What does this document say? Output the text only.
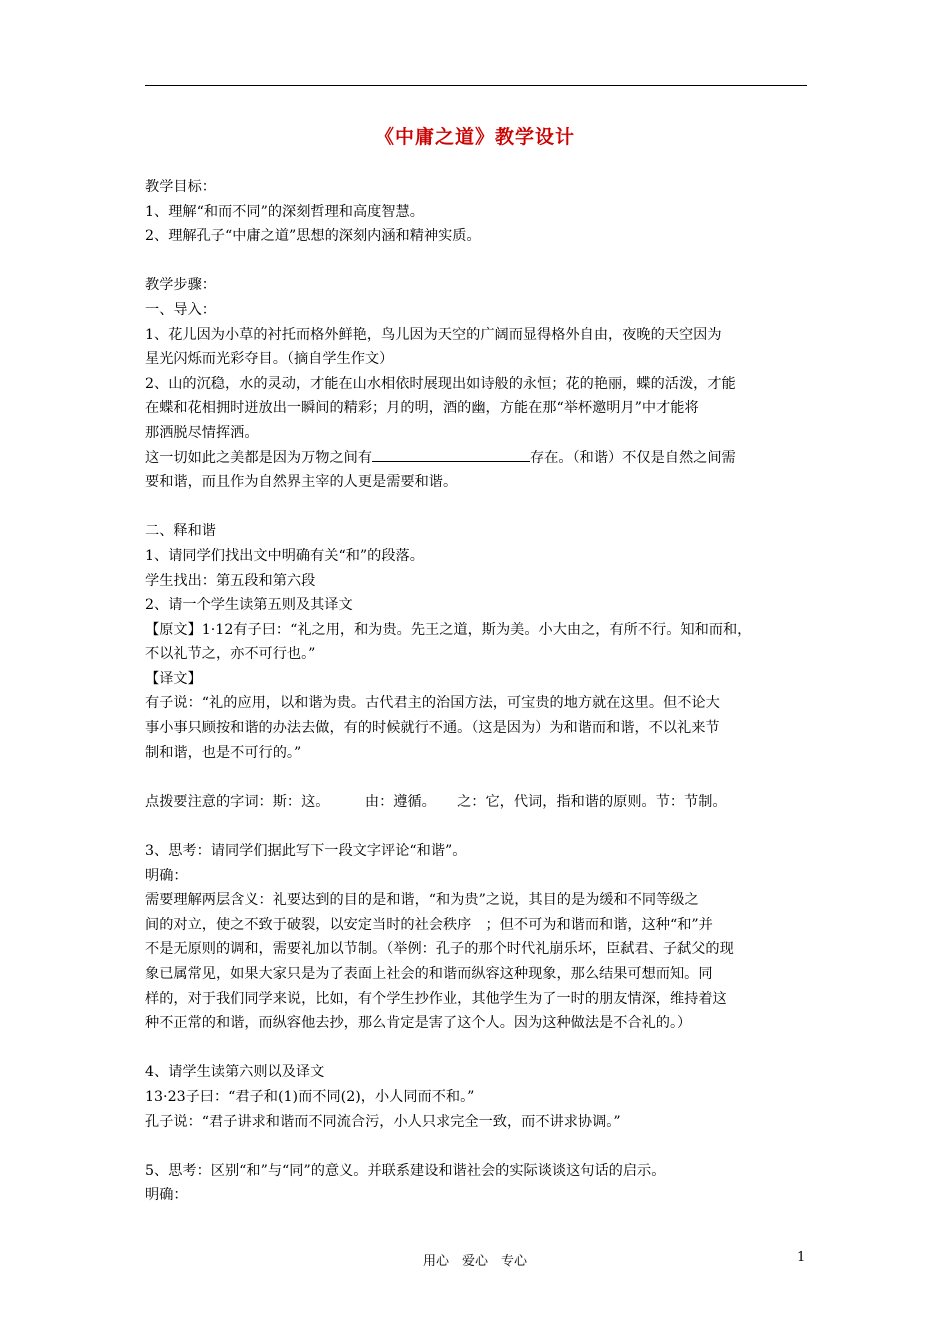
《中庸之道》教学设计
教学目标：
1、理解“和而不同”的深刻哲理和高度智慧。
2、理解孔子“中庸之道”思想的深刻内涵和精神实质。
教学步骤：
一、导入：
1、花儿因为小草的衬托而格外鲜艳，鸟儿因为天空的广阔而显得格外自由，夜晚的天空因为
星光闪烁而光彩夺目。（摘自学生作文）
2、山的沉稳，水的灵动，才能在山水相依时展现出如诗般的永恒；花的艳丽，蝶的活泼，才能
在蝶和花相拥时迸放出一瞬间的精彩；月的明，酒的幽，方能在那“举杯邀明月”中才能将
那洒脱尽情挥洒。
这一切如此之美都是因为万物之间有	存在。（和谐）不仅是自然之间需
要和谐，而且作为自然界主宰的人更是需要和谐。
二、释和谐
1、请同学们找出文中明确有关“和”的段落。
学生找出：第五段和第六段
2、请一个学生读第五则及其译文
【原文】1·12有子曰：“礼之用，和为贵。先王之道，斯为美。小大由之，有所不行。知和而和，
不以礼节之，亦不可行也。”
【译文】
有子说：“礼的应用，以和谐为贵。古代君主的治国方法，可宝贵的地方就在这里。但不论大
事小事只顾按和谐的办法去做，有的时候就行不通。（这是因为）为和谐而和谐，不以礼来节
制和谐，也是不可行的。”
点拨要注意的字词：斯：这。　　　由：遵循。　　之：它，代词，指和谐的原则。节：节制。
3、思考：请同学们据此写下一段文字评论“和谐”。
明确：
需要理解两层含义：礼要达到的目的是和谐，“和为贵”之说，其目的是为缓和不同等级之
间的对立，使之不致于破裂，以安定当时的社会秩序　；但不可为和谐而和谐，这种“和”并
不是无原则的调和，需要礼加以节制。（举例：孔子的那个时代礼崩乐坏，臣弑君、子弑父的现
象已属常见，如果大家只是为了表面上社会的和谐而纵容这种现象，那么结果可想而知。同
样的，对于我们同学来说，比如，有个学生抄作业，其他学生为了一时的朋友情深，维持着这
种不正常的和谐，而纵容他去抄，那么肯定是害了这个人。因为这种做法是不合礼的。）
4、请学生读第六则以及译文
13·23子曰：“君子和(1)而不同(2)，小人同而不和。”
孔子说：“君子讲求和谐而不同流合污，小人只求完全一致，而不讲求协调。”
5、思考：区别“和”与“同”的意义。并联系建设和谐社会的实际谈谈这句话的启示。
明确：
用心　爱心　专心	1
